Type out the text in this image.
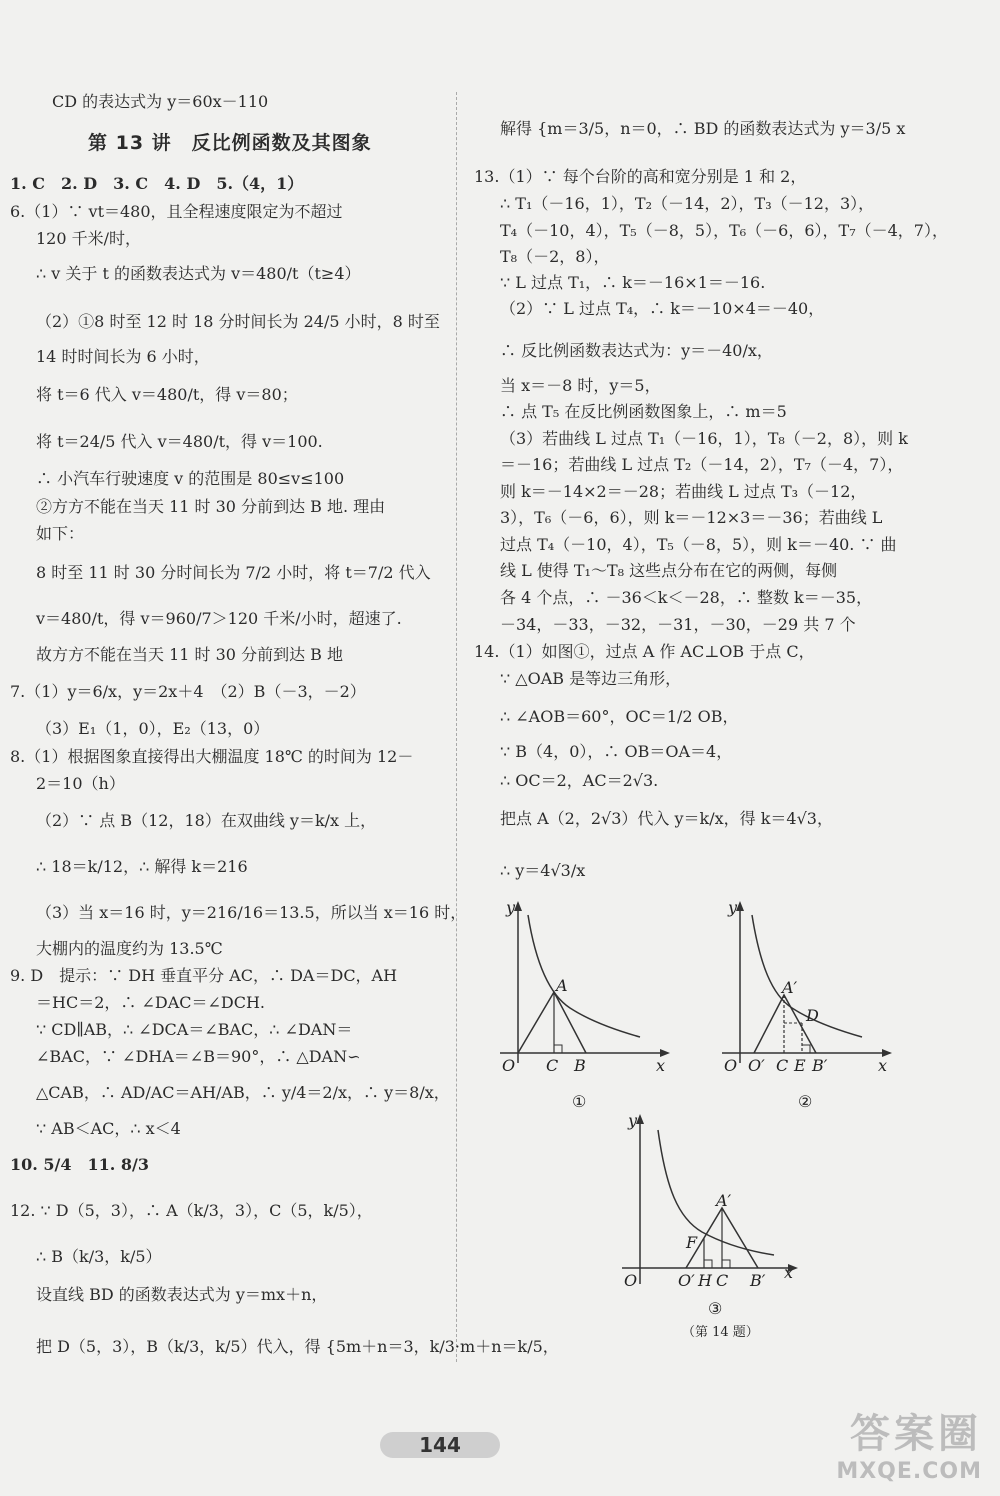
第 13 讲　反比例函数及其图象
CD 的表达式为 y＝60x－110
1. C　2. D　3. C　4. D　5.（4，1）
6.（1）∵ vt＝480，且全程速度限定为不超过
120 千米/时，
∴ v 关于 t 的函数表达式为 v＝480/t（t≥4）
（2）①8 时至 12 时 18 分时间长为 24/5 小时，8 时至
14 时时间长为 6 小时，
将 t＝6 代入 v＝480/t，得 v＝80；
将 t＝24/5 代入 v＝480/t，得 v＝100.
∴ 小汽车行驶速度 v 的范围是 80≤v≤100
②方方不能在当天 11 时 30 分前到达 B 地. 理由
如下：
8 时至 11 时 30 分时间长为 7/2 小时，将 t＝7/2 代入
v＝480/t，得 v＝960/7＞120 千米/小时，超速了.
故方方不能在当天 11 时 30 分前到达 B 地
7.（1）y＝6/x，y＝2x＋4　（2）B（－3，－2）
（3）E₁（1，0），E₂（13，0）
8.（1）根据图象直接得出大棚温度 18℃ 的时间为 12－
2＝10（h）
（2）∵ 点 B（12，18）在双曲线 y＝k/x 上，
∴ 18＝k/12，∴ 解得 k＝216
（3）当 x＝16 时，y＝216/16＝13.5，所以当 x＝16 时，
大棚内的温度约为 13.5℃
9. D　提示：∵ DH 垂直平分 AC，∴ DA＝DC，AH
＝HC＝2，∴ ∠DAC＝∠DCH.
∵ CD∥AB，∴ ∠DCA＝∠BAC，∴ ∠DAN＝
∠BAC，∵ ∠DHA＝∠B＝90°，∴ △DAN∽
△CAB，∴ AD/AC＝AH/AB，∴ y/4＝2/x，∴ y＝8/x，
∵ AB＜AC，∴ x＜4
10. 5/4　11. 8/3
12. ∵ D（5，3），∴ A（k/3，3），C（5，k/5），
∴ B（k/3，k/5）
设直线 BD 的函数表达式为 y＝mx＋n，
把 D（5，3），B（k/3，k/5）代入，得 {5m＋n＝3，k/3·m＋n＝k/5，
解得 {m＝3/5，n＝0，∴ BD 的函数表达式为 y＝3/5 x
13.（1）∵ 每个台阶的高和宽分别是 1 和 2，
∴ T₁（－16，1），T₂（－14，2），T₃（－12，3），
T₄（－10，4），T₅（－8，5），T₆（－6，6），T₇（－4，7），
T₈（－2，8），
∵ L 过点 T₁，∴ k＝－16×1＝－16.
（2）∵ L 过点 T₄，∴ k＝－10×4＝－40，
∴ 反比例函数表达式为：y＝－40/x，
当 x＝－8 时，y＝5，
∴ 点 T₅ 在反比例函数图象上，∴ m＝5
（3）若曲线 L 过点 T₁（－16，1），T₈（－2，8），则 k
＝－16；若曲线 L 过点 T₂（－14，2），T₇（－4，7），
则 k＝－14×2＝－28；若曲线 L 过点 T₃（－12，
3），T₆（－6，6），则 k＝－12×3＝－36；若曲线 L
过点 T₄（－10，4），T₅（－8，5），则 k＝－40. ∵ 曲
线 L 使得 T₁～T₈ 这些点分布在它的两侧，每侧
各 4 个点，∴ －36＜k＜－28，∴ 整数 k＝－35，
－34，－33，－32，－31，－30，－29 共 7 个
14.（1）如图①，过点 A 作 AC⊥OB 于点 C，
∵ △OAB 是等边三角形，
∴ ∠AOB＝60°，OC＝1/2 OB，
∵ B（4，0），∴ OB＝OA＝4，
∴ OC＝2，AC＝2√3.
把点 A（2，2√3）代入 y＝k/x，得 k＝4√3，
∴ y＝4√3/x
y
x
O
A
C B
①
y
x
O O′
A′
D
C E B′
②
y
x
O
A′
F
O′ H C B′
③
（第 14 题）
144	答案圈
MXQE.COM
